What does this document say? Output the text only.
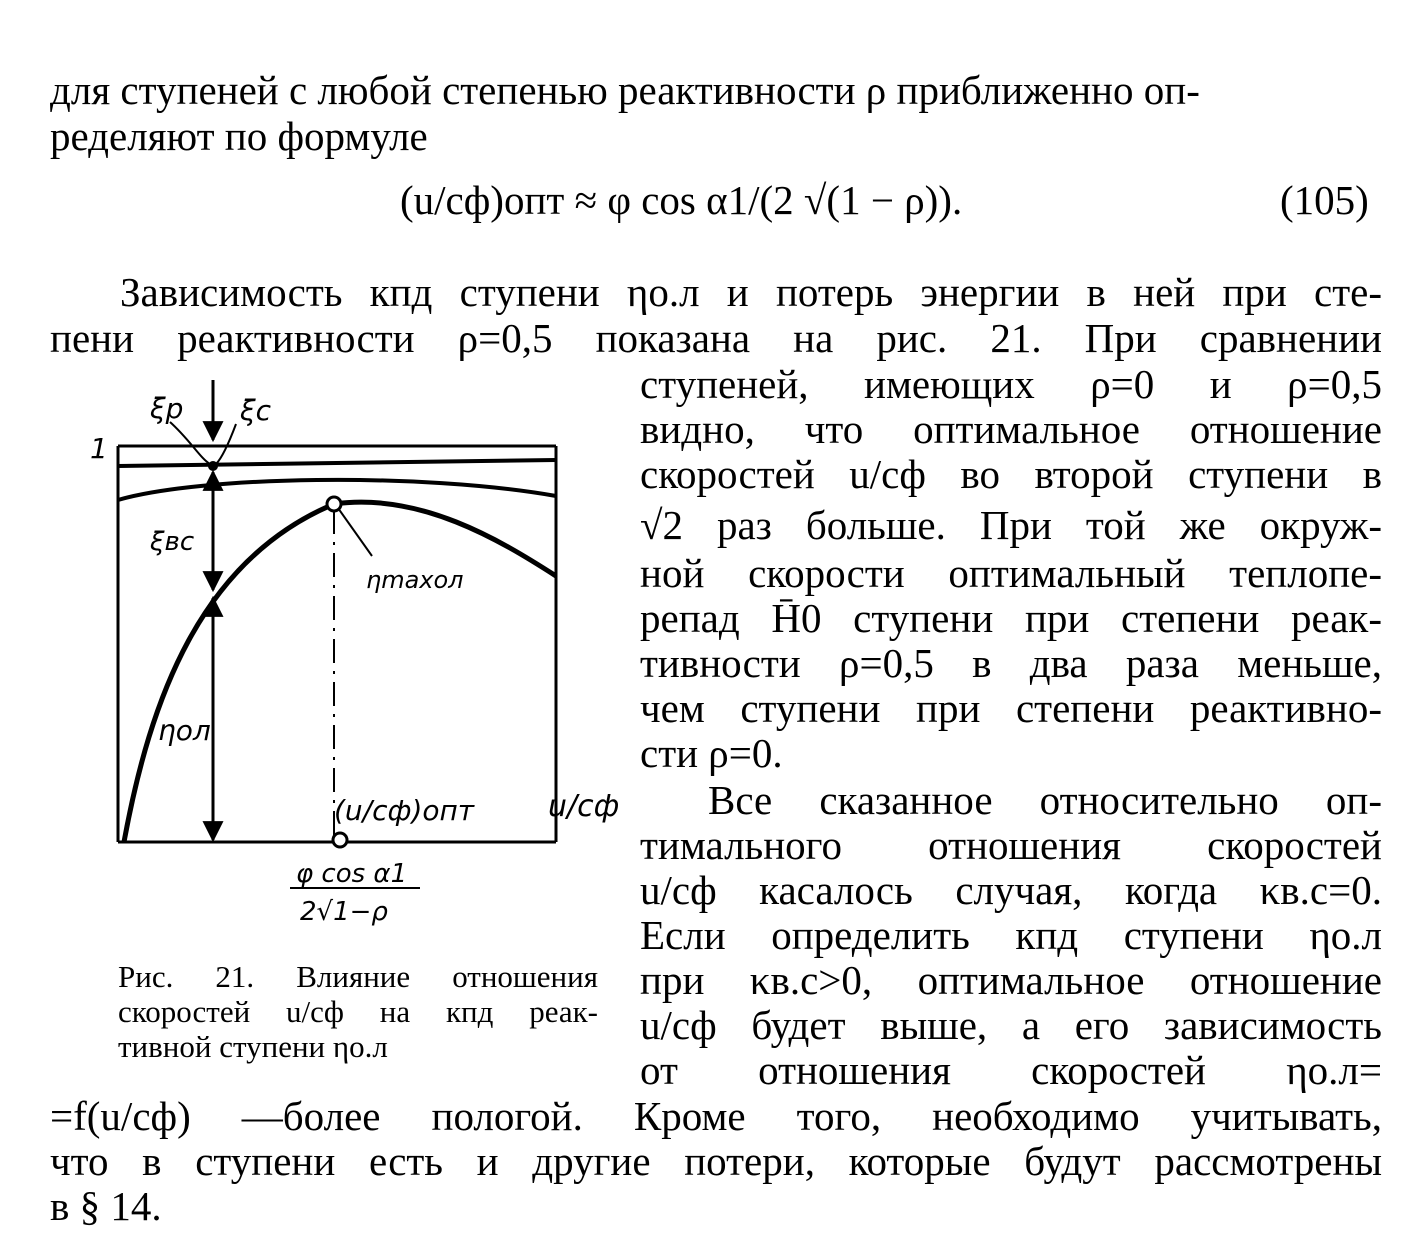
для ступеней с любой степенью реактивности ρ приближенно оп-
ределяют по формуле
(u/cф)опт ≈ φ cos α1/(2 √(1 − ρ)).	(105)
Зависимость кпд ступени ηо.л и потерь энергии в ней при сте-
пени реактивности ρ=0,5 показана на рис. 21. При сравнении
ступеней, имеющих ρ=0 и ρ=0,5
видно, что оптимальное отношение
скоростей u/cф во второй ступени в
√2 раз больше. При той же окруж-
ной скорости оптимальный теплопе-
репад H̄0 ступени при степени реак-
тивности ρ=0,5 в два раза меньше,
чем ступени при степени реактивно-
сти ρ=0.
Все сказанное относительно оп-
тимального отношения скоростей
u/cф касалось случая, когда κв.с=0.
Если определить кпд ступени ηо.л
при κв.с>0, оптимальное отношение
u/cф будет выше, а его зависимость
от отношения скоростей ηо.л=
=f(u/cф) —более пологой. Кроме того, необходимо учитывать,
что в ступени есть и другие потери, которые будут рассмотрены
в § 14.
ξр ξс
1
ξвс
ηmaxол
ηол
(u/cф)опт u/cф
φ cos α1
2√1−ρ
Рис. 21. Влияние отношения
скоростей u/cф на кпд реак-
тивной ступени ηо.л
